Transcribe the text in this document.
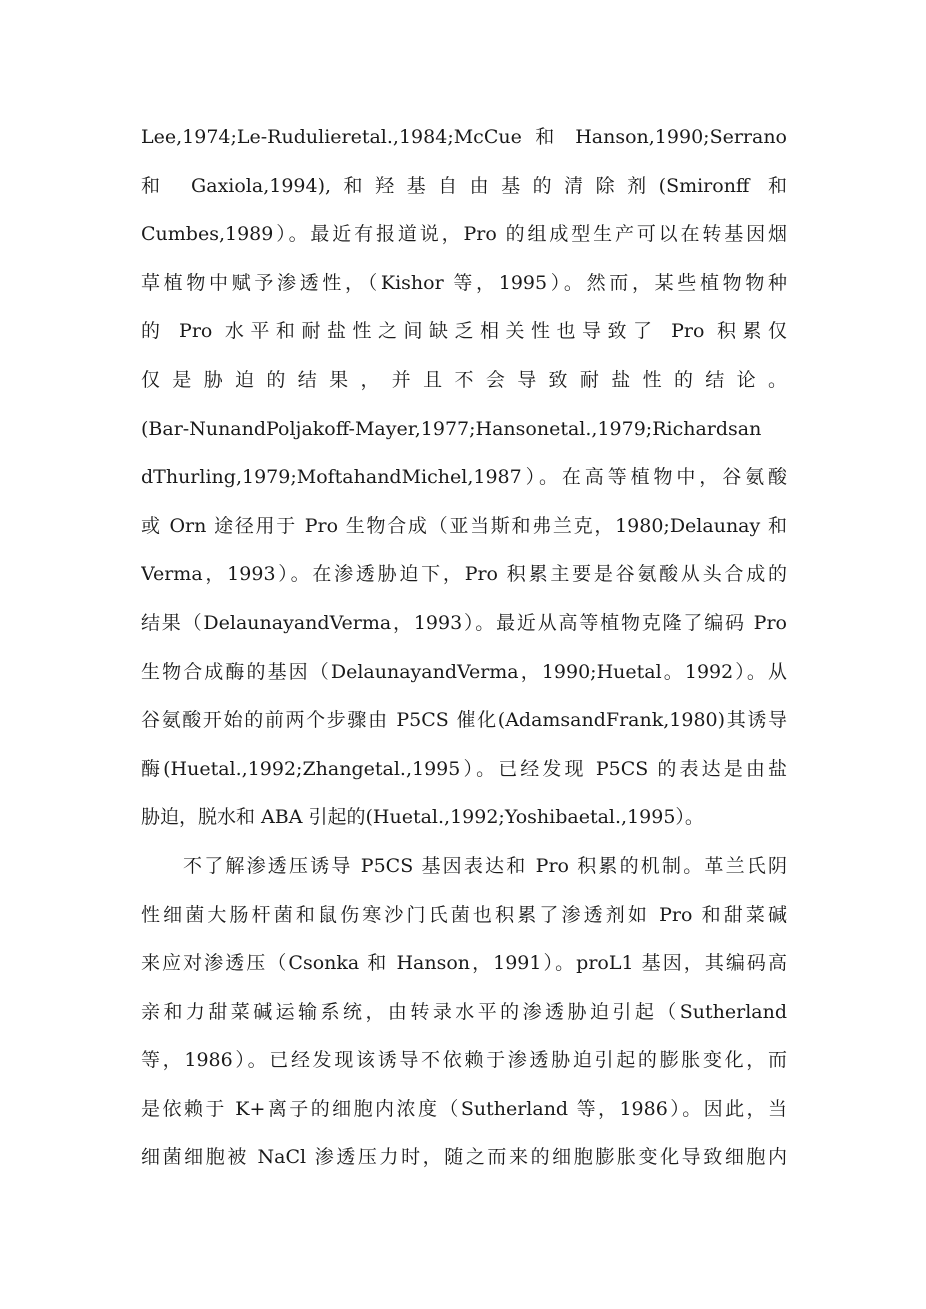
Lee,1974;Le-Rudulieretal.,1984;McCue 和 Hanson,1990;Serrano
和 Gaxiola,1994),和羟基自由基的清除剂(Smironff 和
Cumbes,1989）。最近有报道说，Pro 的组成型生产可以在转基因烟
草植物中赋予渗透性，（Kishor 等，1995）。然而，某些植物物种
的 Pro 水平和耐盐性之间缺乏相关性也导致了 Pro 积累仅
仅是胁迫的结果，并且不会导致耐盐性的结论。
(Bar-NunandPoljakoff-Mayer,1977;Hansonetal.,1979;Richardsan
dThurling,1979;MoftahandMichel,1987）。在高等植物中，谷氨酸
或 Orn 途径用于 Pro 生物合成（亚当斯和弗兰克，1980;Delaunay 和
Verma，1993）。在渗透胁迫下，Pro 积累主要是谷氨酸从头合成的
结果（DelaunayandVerma，1993）。最近从高等植物克隆了编码 Pro
生物合成酶的基因（DelaunayandVerma，1990;Huetal。1992）。从
谷氨酸开始的前两个步骤由 P5CS 催化(AdamsandFrank,1980)其诱导
酶(Huetal.,1992;Zhangetal.,1995）。已经发现 P5CS 的表达是由盐
胁迫，脱水和 ABA 引起的(Huetal.,1992;Yoshibaetal.,1995）。
不了解渗透压诱导 P5CS 基因表达和 Pro 积累的机制。革兰氏阴
性细菌大肠杆菌和鼠伤寒沙门氏菌也积累了渗透剂如 Pro 和甜菜碱
来应对渗透压（Csonka 和 Hanson，1991）。proL1 基因，其编码高
亲和力甜菜碱运输系统，由转录水平的渗透胁迫引起（Sutherland
等，1986）。已经发现该诱导不依赖于渗透胁迫引起的膨胀变化，而
是依赖于 K+离子的细胞内浓度（Sutherland 等，1986）。因此，当
细菌细胞被 NaCl 渗透压力时，随之而来的细胞膨胀变化导致细胞内
